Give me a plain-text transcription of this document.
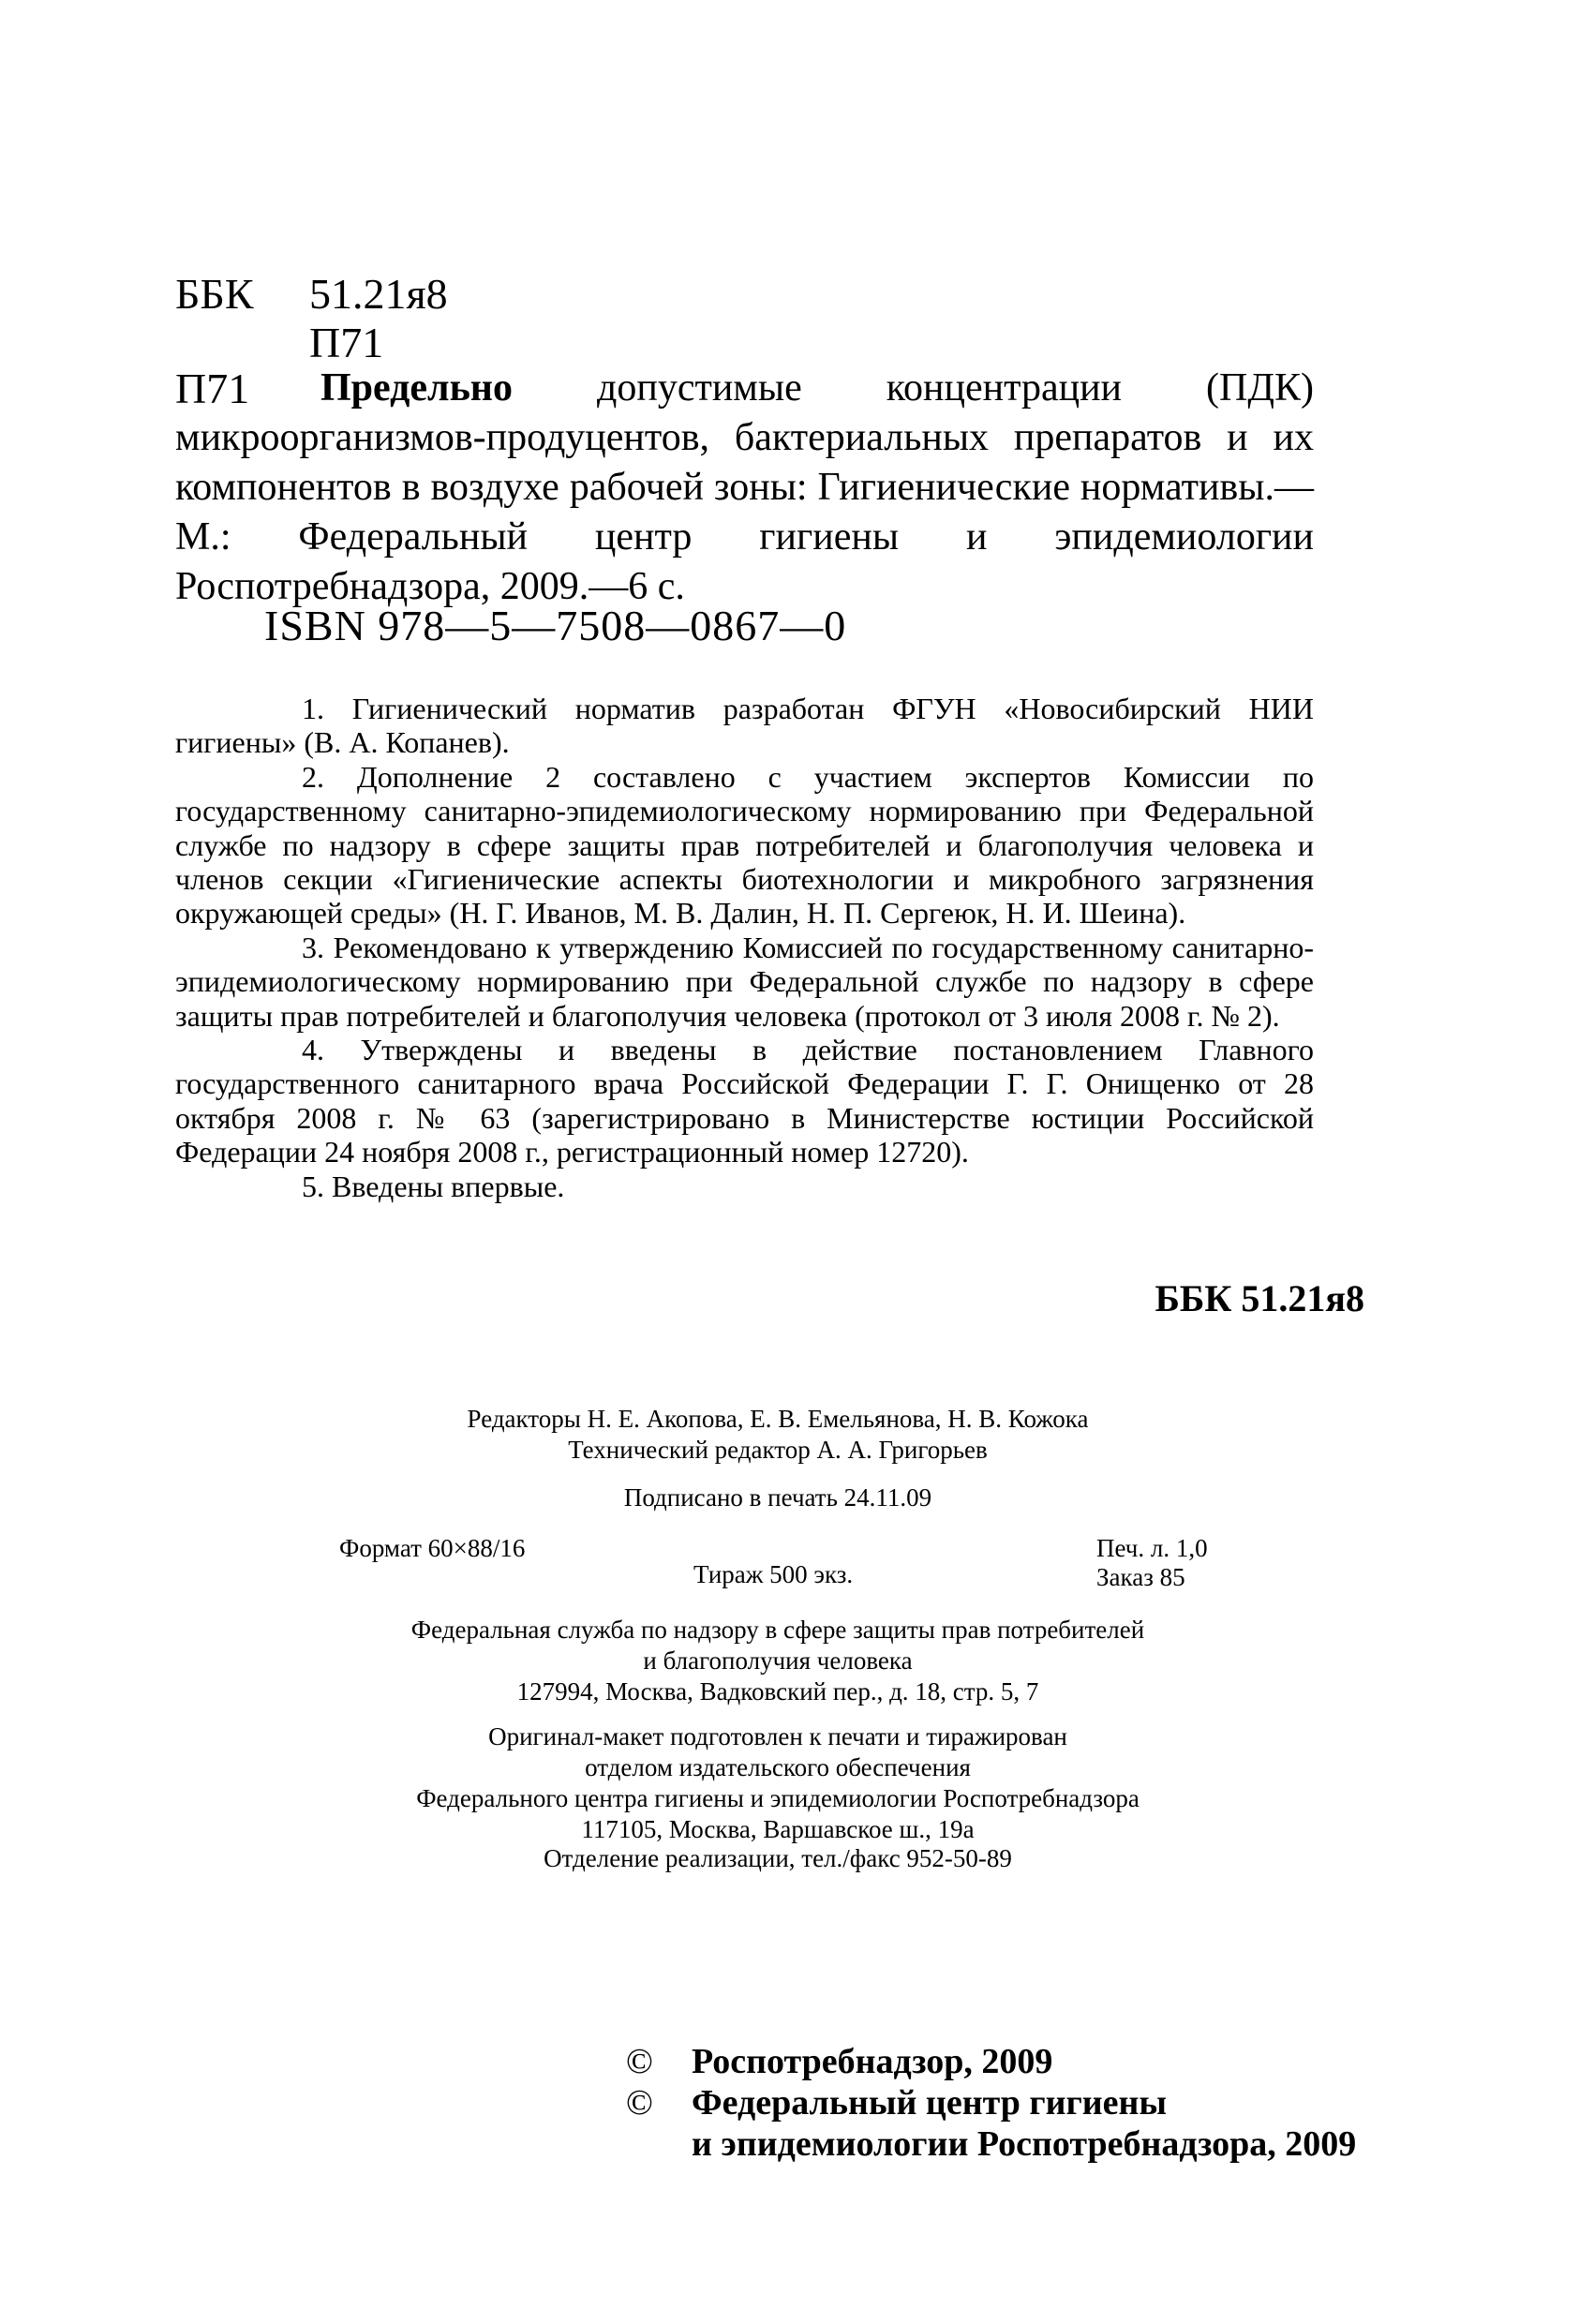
ББК 51.21я8
П71
П71	Предельно допустимые концентрации (ПДК) микроорганизмов-продуцентов, бактериальных препаратов и их компонентов в воздухе рабочей зоны: Гигиенические нормативы.—М.: Федеральный центр гигиены и эпидемиологии Роспотребнадзора, 2009.—6 с.

ISBN 978—5—7508—0867—0

1. Гигиенический норматив разработан ФГУН «Новосибирский НИИ гигиены» (В. А. Копанев).

2. Дополнение 2 составлено с участием экспертов Комиссии по государственному санитарно-эпидемиологическому нормированию при Федеральной службе по надзору в сфере защиты прав потребителей и благополучия человека и членов секции «Гигиенические аспекты биотехнологии и микробного загрязнения окружающей среды» (Н. Г. Иванов, М. В. Далин, Н. П. Сергеюк, Н. И. Шеина).

3. Рекомендовано к утверждению Комиссией по государственному санитарно-эпидемиологическому нормированию при Федеральной службе по надзору в сфере защиты прав потребителей и благополучия человека (протокол от 3 июля 2008 г. № 2).

4. Утверждены и введены в действие постановлением Главного государственного санитарного врача Российской Федерации Г. Г. Онищенко от 28 октября 2008 г. № 63 (зарегистрировано в Министерстве юстиции Российской Федерации 24 ноября 2008 г., регистрационный номер 12720).

5. Введены впервые.

ББК 51.21я8
Редакторы Н. Е. Акопова, Е. В. Емельянова, Н. В. Кожока
Технический редактор А. А. Григорьев
Подписано в печать 24.11.09
Формат 60×88/16
Тираж 500 экз.
Печ. л. 1,0
Заказ 85
Федеральная служба по надзору в сфере защиты прав потребителей
и благополучия человека
127994, Москва, Вадковский пер., д. 18, стр. 5, 7
Оригинал-макет подготовлен к печати и тиражирован
отделом издательского обеспечения
Федерального центра гигиены и эпидемиологии Роспотребнадзора
117105, Москва, Варшавское ш., 19а
Отделение реализации, тел./факс 952-50-89
© Роспотребнадзор, 2009
© Федеральный центр гигиены
и эпидемиологии Роспотребнадзора, 2009
